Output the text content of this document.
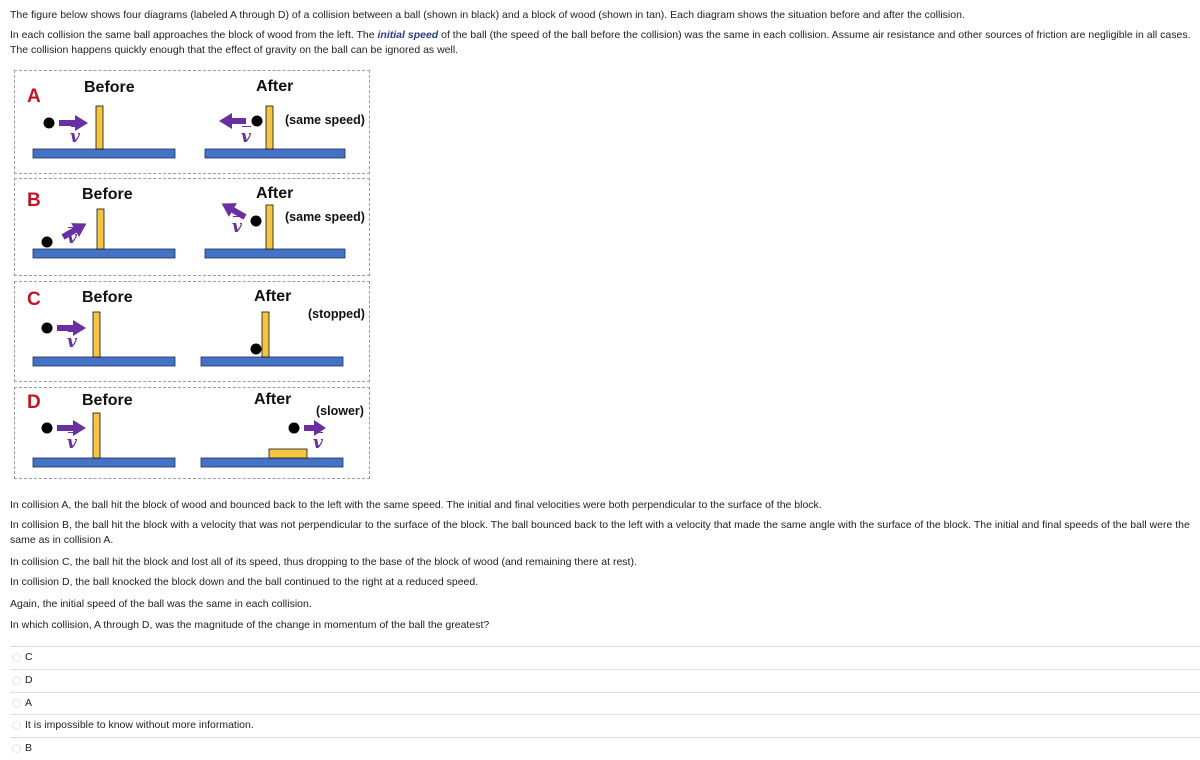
The figure below shows four diagrams (labeled A through D) of a collision between a ball (shown in black) and a block of wood (shown in tan). Each diagram shows the situation before and after the collision.

In each collision the same ball approaches the block of wood from the left. The initial speed of the ball (the speed of the ball before the collision) was the same in each collision. Assume air resistance and other sources of friction are negligible in all cases. The collision happens quickly enough that the effect of gravity on the ball can be ignored as well.

A	Before	After
(same speed)
v	v
B	Before	After
(same speed)
v
v
C	Before	After
(stopped)
v
D	Before	After
(slower)
v	v

In collision A, the ball hit the block of wood and bounced back to the left with the same speed. The initial and final velocities were both perpendicular to the surface of the block.

In collision B, the ball hit the block with a velocity that was not perpendicular to the surface of the block. The ball bounced back to the left with a velocity that made the same angle with the surface of the block. The initial and final speeds of the ball were the same as in collision A.

In collision C, the ball hit the block and lost all of its speed, thus dropping to the base of the block of wood (and remaining there at rest).

In collision D, the ball knocked the block down and the ball continued to the right at a reduced speed.

Again, the initial speed of the ball was the same in each collision.

In which collision, A through D, was the magnitude of the change in momentum of the ball the greatest?

C
D
A
It is impossible to know without more information.
B
